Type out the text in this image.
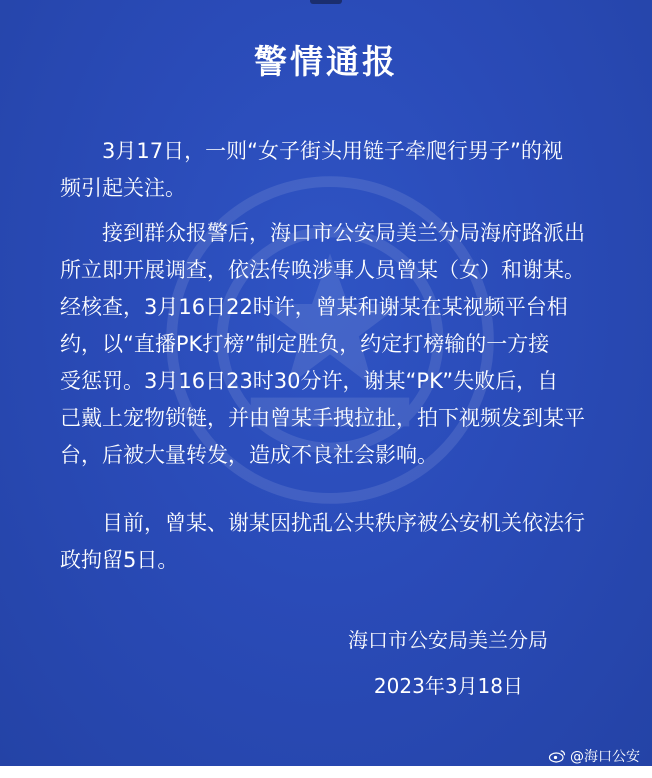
警情通报

3月17日，一则“女子街头用链子牵爬行男子”的视
频引起关注。

接到群众报警后，海口市公安局美兰分局海府路派出
所立即开展调查，依法传唤涉事人员曾某（女）和谢某。
经核查，3月16日22时许，曾某和谢某在某视频平台相
约，以“直播PK打榜”制定胜负，约定打榜输的一方接
受惩罚。3月16日23时30分许，谢某“PK”失败后，自
己戴上宠物锁链，并由曾某手拽拉扯，拍下视频发到某平
台，后被大量转发，造成不良社会影响。

目前，曾某、谢某因扰乱公共秩序被公安机关依法行
政拘留5日。

海口市公安局美兰分局
2023年3月18日
@海口公安
